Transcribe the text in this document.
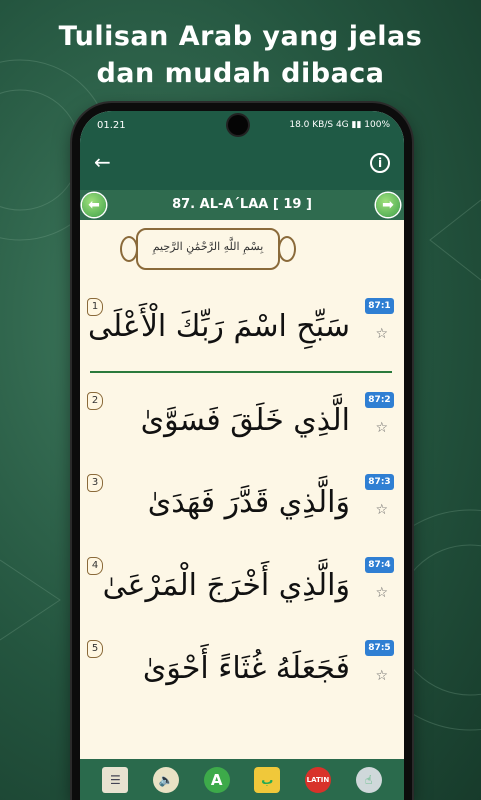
Tulisan Arab yang jelas
dan mudah dibaca
01.21	18.0 KB/S 4G ▮▮ 100%
←	i
⬅	87. AL-A´LAA [ 19 ]	➡
بِسْمِ اللَّهِ الرَّحْمَٰنِ الرَّحِيمِ
1
سَبِّحِ اسْمَ رَبِّكَ الْأَعْلَى
87:1
☆
2
الَّذِي خَلَقَ فَسَوَّىٰ
87:2
☆
3
وَالَّذِي قَدَّرَ فَهَدَىٰ
87:3
☆
4
وَالَّذِي أَخْرَجَ الْمَرْعَىٰ
87:4
☆
5
فَجَعَلَهُ غُثَاءً أَحْوَىٰ
87:5
☆
☰	🔈	A	ﺏ	LATIN	☝
